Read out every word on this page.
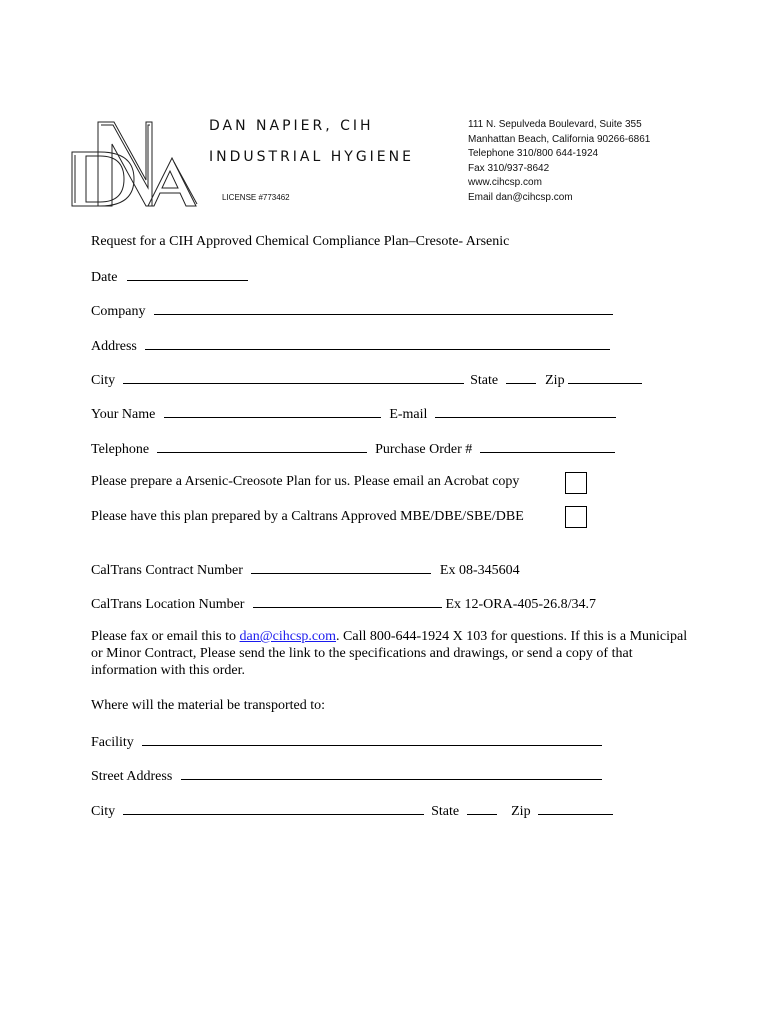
DAN NAPIER, CIH
INDUSTRIAL HYGIENE
LICENSE #773462
111 N. Sepulveda Boulevard, Suite 355
Manhattan Beach, California 90266-6861
Telephone 310/800 644-1924
Fax 310/937-8642
www.cihcsp.com
Email dan@cihcsp.com
Request for a CIH Approved Chemical Compliance Plan–Cresote- Arsenic
Date
Company
Address
City	State	Zip
Your Name	E-mail
Telephone	Purchase Order #
Please prepare a Arsenic-Creosote Plan for us. Please email an Acrobat copy
Please have this plan prepared by a Caltrans Approved MBE/DBE/SBE/DBE
CalTrans Contract Number	Ex 08-345604
CalTrans Location Number	Ex 12-ORA-405-26.8/34.7
Please fax or email this to dan@cihcsp.com. Call 800-644-1924 X 103 for questions. If this is a Municipal or Minor Contract, Please send the link to the specifications and drawings, or send a copy of that information with this order.
Where will the material be transported to:
Facility
Street Address
City	State	Zip
